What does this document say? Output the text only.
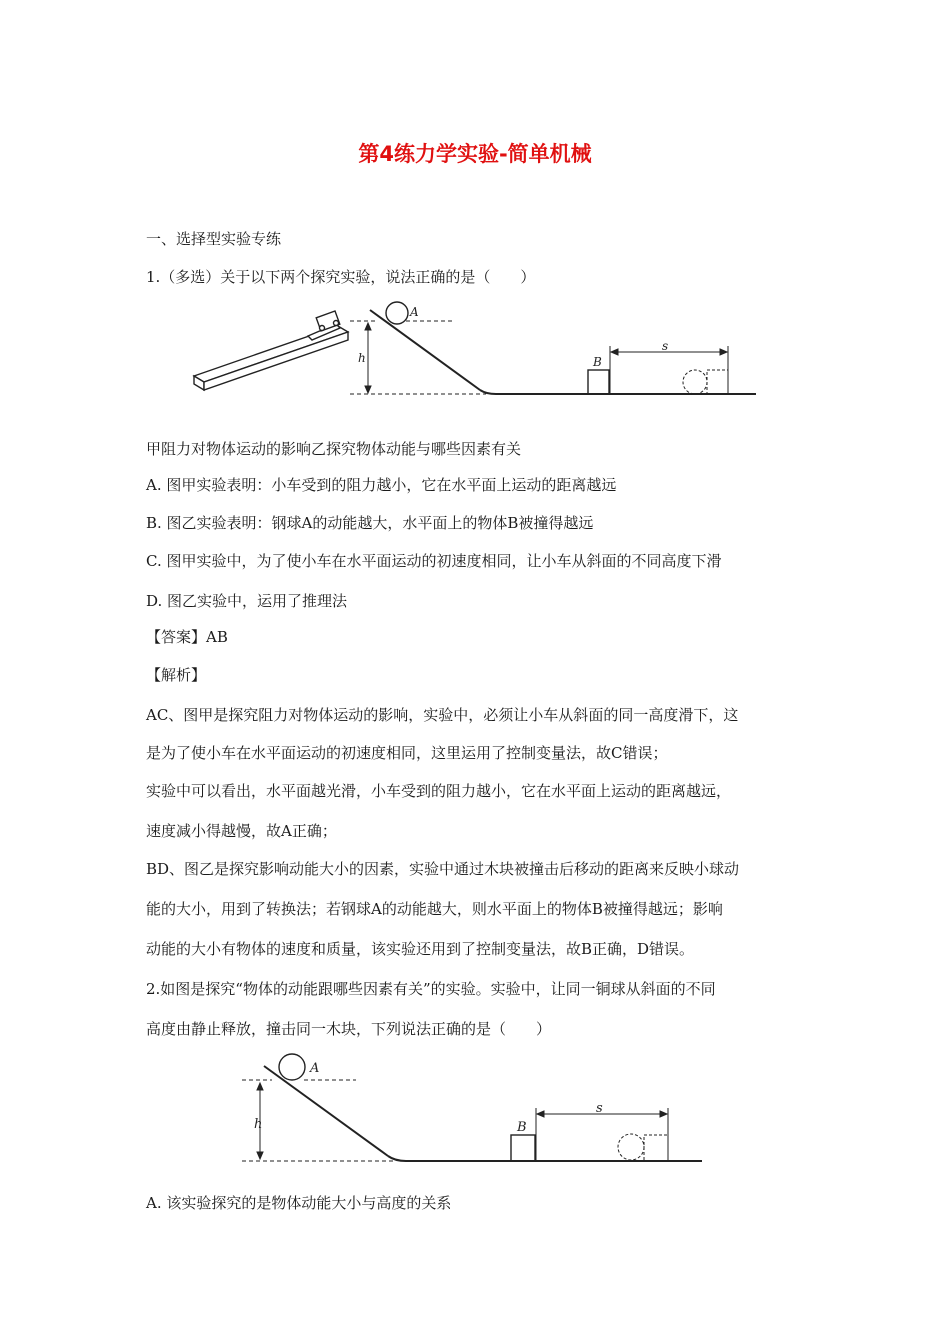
第4练力学实验-简单机械
一、选择型实验专练
1.（多选）关于以下两个探究实验，说法正确的是（　　）
A
h	B
s
甲阻力对物体运动的影响乙探究物体动能与哪些因素有关
A. 图甲实验表明：小车受到的阻力越小，它在水平面上运动的距离越远
B. 图乙实验表明：钢球A的动能越大，水平面上的物体B被撞得越远
C. 图甲实验中，为了使小车在水平面运动的初速度相同，让小车从斜面的不同高度下滑
D. 图乙实验中，运用了推理法
【答案】AB
【解析】
AC、图甲是探究阻力对物体运动的影响，实验中，必须让小车从斜面的同一高度滑下，这
是为了使小车在水平面运动的初速度相同，这里运用了控制变量法，故C错误；
实验中可以看出，水平面越光滑，小车受到的阻力越小，它在水平面上运动的距离越远，
速度减小得越慢，故A正确；
BD、图乙是探究影响动能大小的因素，实验中通过木块被撞击后移动的距离来反映小球动
能的大小，用到了转换法；若钢球A的动能越大，则水平面上的物体B被撞得越远；影响
动能的大小有物体的速度和质量，该实验还用到了控制变量法，故B正确，D错误。
2.如图是探究“物体的动能跟哪些因素有关”的实验。实验中，让同一铜球从斜面的不同
高度由静止释放，撞击同一木块，下列说法正确的是（　　）
A
h	B
s
A. 该实验探究的是物体动能大小与高度的关系
